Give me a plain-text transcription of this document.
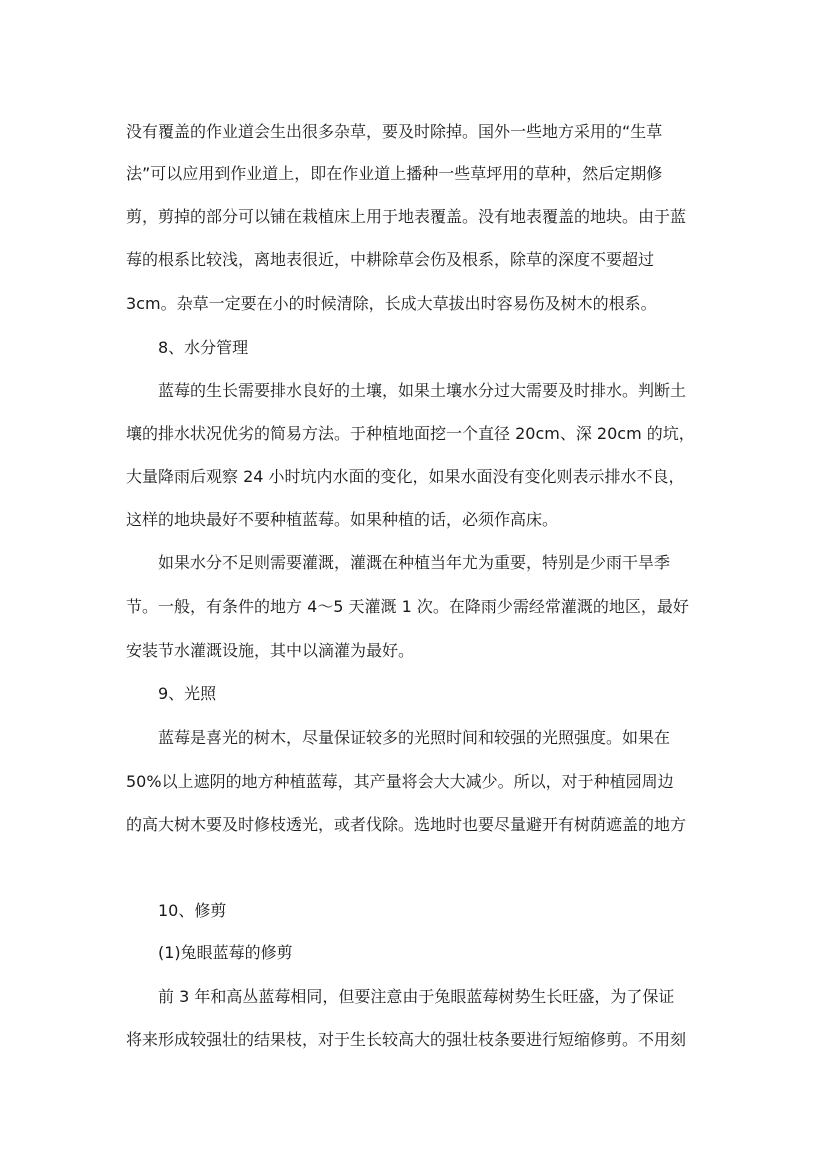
没有覆盖的作业道会生出很多杂草，要及时除掉。国外一些地方采用的“生草
法”可以应用到作业道上，即在作业道上播种一些草坪用的草种，然后定期修
剪，剪掉的部分可以铺在栽植床上用于地表覆盖。没有地表覆盖的地块。由于蓝
莓的根系比较浅，离地表很近，中耕除草会伤及根系，除草的深度不要超过
3cm。杂草一定要在小的时候清除，长成大草拔出时容易伤及树木的根系。
8、水分管理
蓝莓的生长需要排水良好的土壤，如果土壤水分过大需要及时排水。判断土
壤的排水状况优劣的简易方法。于种植地面挖一个直径 20cm、深 20cm 的坑，
大量降雨后观察 24 小时坑内水面的变化，如果水面没有变化则表示排水不良，
这样的地块最好不要种植蓝莓。如果种植的话，必须作高床。
如果水分不足则需要灌溉，灌溉在种植当年尤为重要，特别是少雨干旱季
节。一般，有条件的地方 4～5 天灌溉 1 次。在降雨少需经常灌溉的地区，最好
安装节水灌溉设施，其中以滴灌为最好。
9、光照
蓝莓是喜光的树木，尽量保证较多的光照时间和较强的光照强度。如果在
50%以上遮阴的地方种植蓝莓，其产量将会大大减少。所以，对于种植园周边
的高大树木要及时修枝透光，或者伐除。选地时也要尽量避开有树荫遮盖的地方
10、修剪
(1)兔眼蓝莓的修剪
前 3 年和高丛蓝莓相同，但要注意由于兔眼蓝莓树势生长旺盛，为了保证
将来形成较强壮的结果枝，对于生长较高大的强壮枝条要进行短缩修剪。不用刻
